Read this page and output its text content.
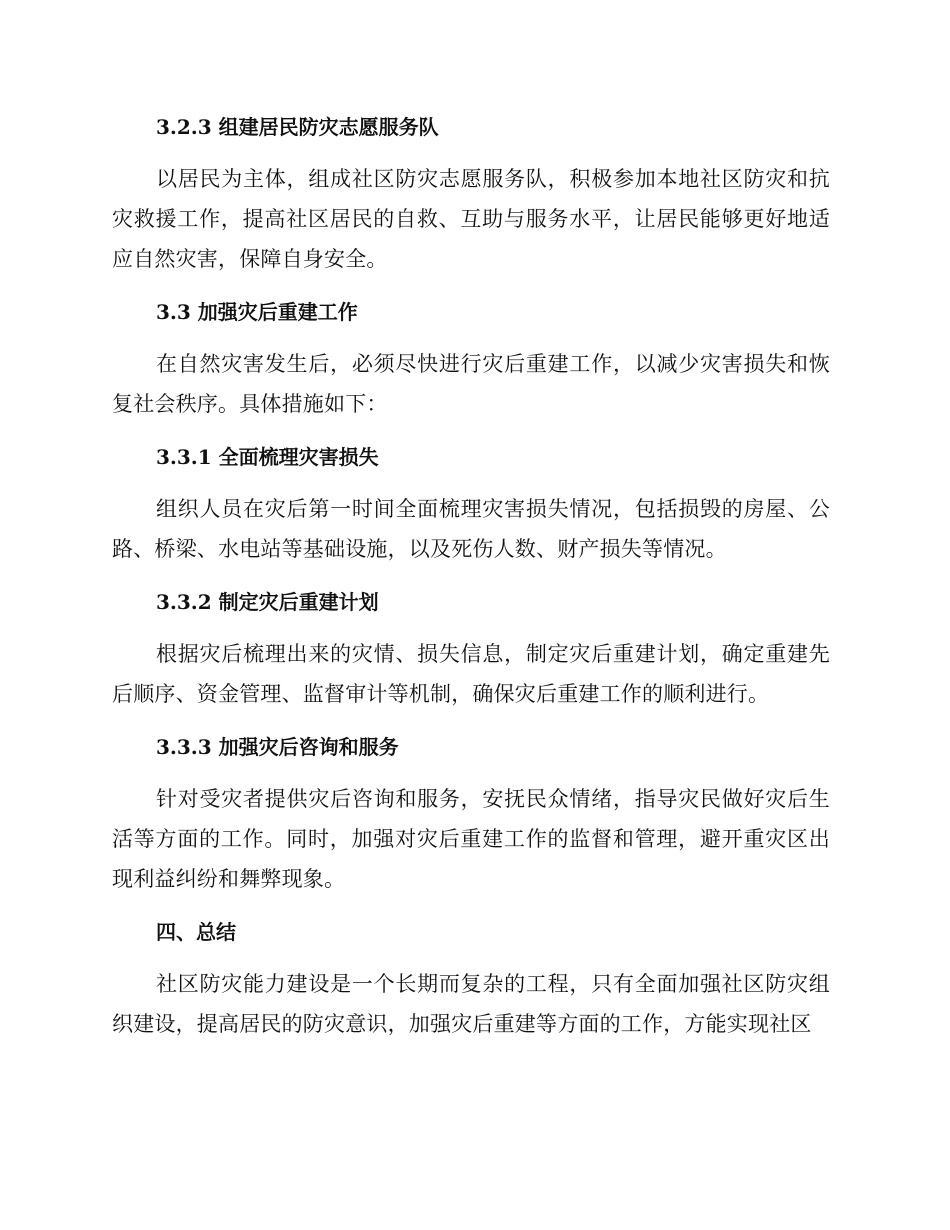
3.2.3 组建居民防灾志愿服务队

以居民为主体，组成社区防灾志愿服务队，积极参加本地社区防灾和抗灾救援工作，提高社区居民的自救、互助与服务水平，让居民能够更好地适应自然灾害，保障自身安全。

3.3 加强灾后重建工作

在自然灾害发生后，必须尽快进行灾后重建工作，以减少灾害损失和恢复社会秩序。具体措施如下：

3.3.1 全面梳理灾害损失

组织人员在灾后第一时间全面梳理灾害损失情况，包括损毁的房屋、公路、桥梁、水电站等基础设施，以及死伤人数、财产损失等情况。

3.3.2 制定灾后重建计划

根据灾后梳理出来的灾情、损失信息，制定灾后重建计划，确定重建先后顺序、资金管理、监督审计等机制，确保灾后重建工作的顺利进行。

3.3.3 加强灾后咨询和服务

针对受灾者提供灾后咨询和服务，安抚民众情绪，指导灾民做好灾后生活等方面的工作。同时，加强对灾后重建工作的监督和管理，避开重灾区出现利益纠纷和舞弊现象。

四、总结

社区防灾能力建设是一个长期而复杂的工程，只有全面加强社区防灾组织建设，提高居民的防灾意识，加强灾后重建等方面的工作，方能实现社区
